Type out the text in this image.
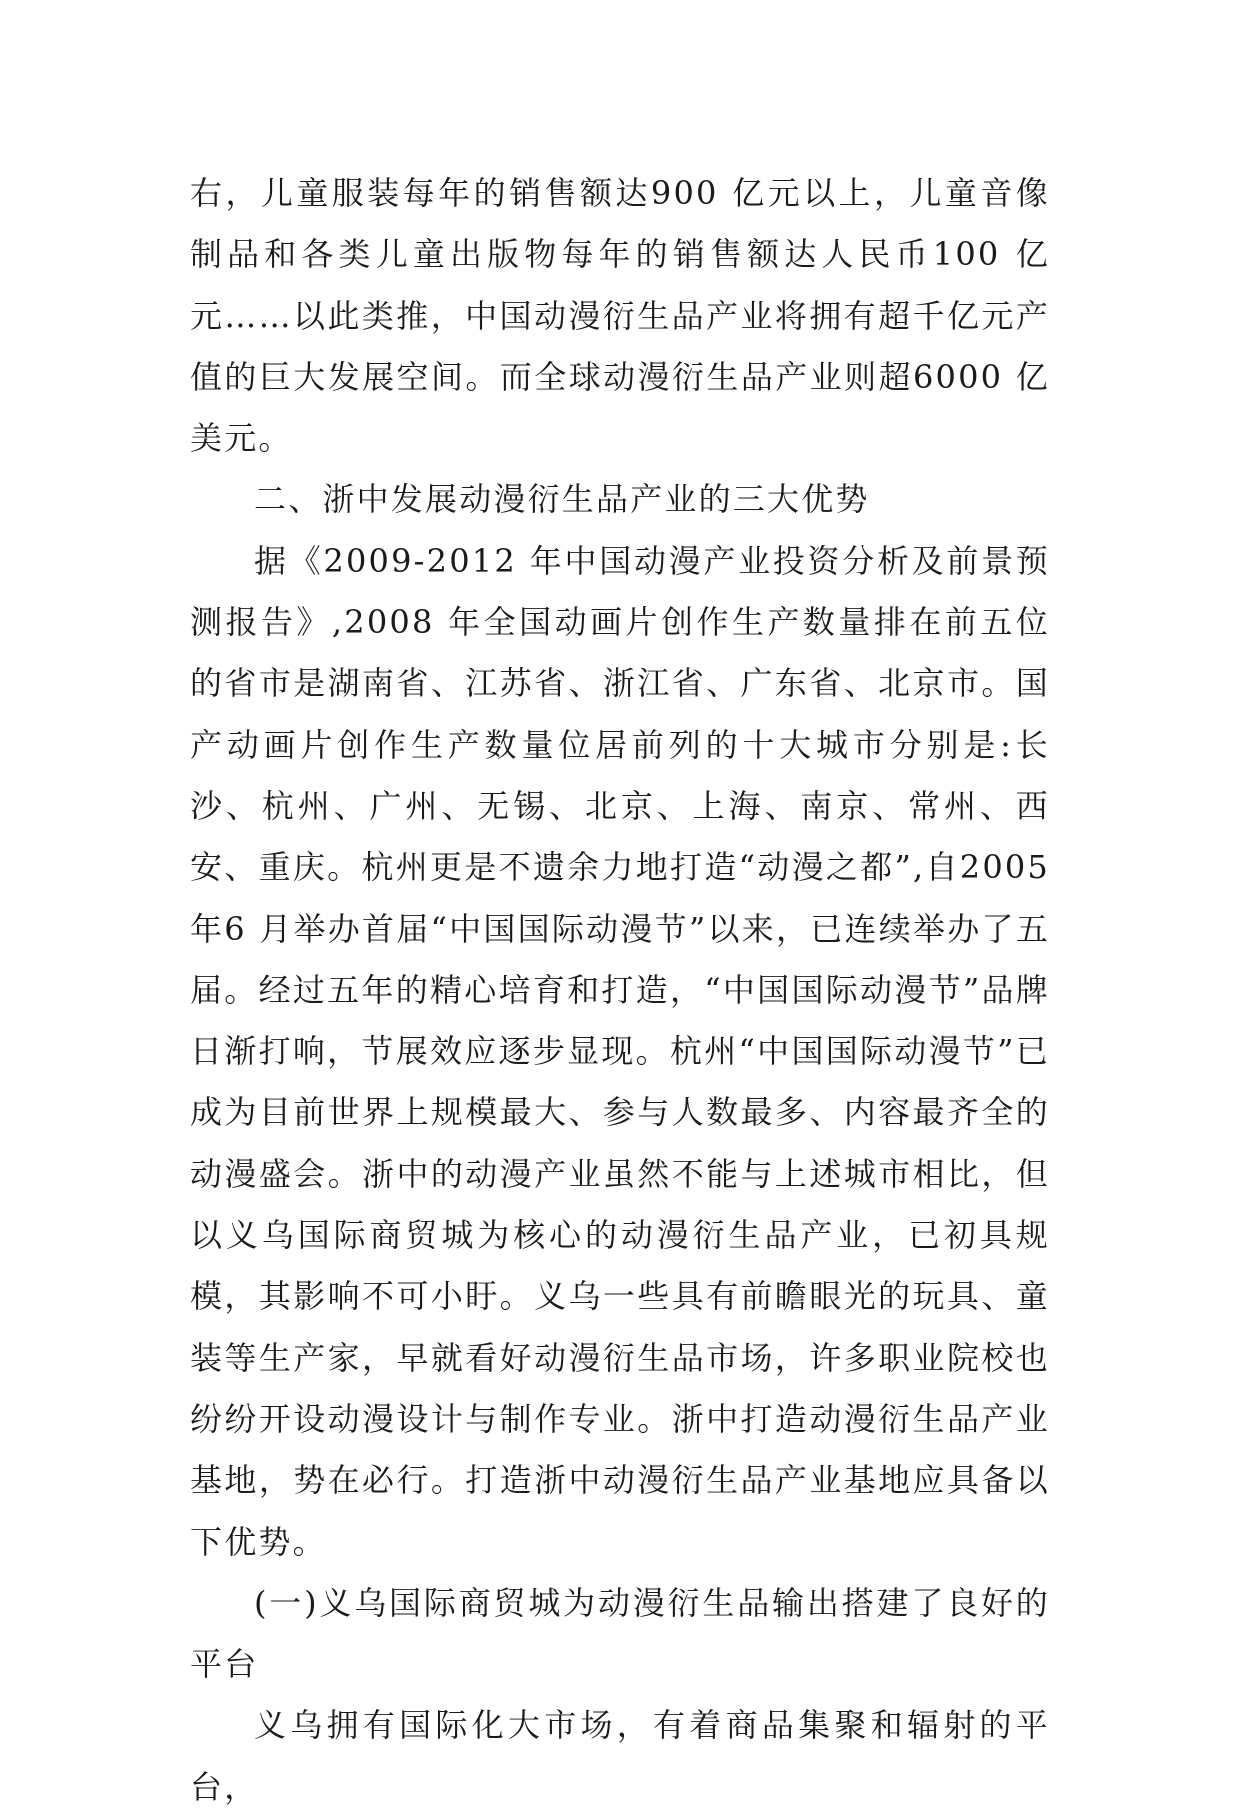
右，儿童服装每年的销售额达900 亿元以上，儿童音像制品和各类儿童出版物每年的销售额达人民币100 亿元……以此类推，中国动漫衍生品产业将拥有超千亿元产值的巨大发展空间。而全球动漫衍生品产业则超6000 亿美元。

二、浙中发展动漫衍生品产业的三大优势

据《2009-2012 年中国动漫产业投资分析及前景预测报告》,2008 年全国动画片创作生产数量排在前五位的省市是湖南省、江苏省、浙江省、广东省、北京市。国产动画片创作生产数量位居前列的十大城市分别是:长沙、杭州、广州、无锡、北京、上海、南京、常州、西安、重庆。杭州更是不遗余力地打造“动漫之都”,自2005 年6 月举办首届“中国国际动漫节”以来，已连续举办了五届。经过五年的精心培育和打造，“中国国际动漫节”品牌日渐打响，节展效应逐步显现。杭州“中国国际动漫节”已成为目前世界上规模最大、参与人数最多、内容最齐全的动漫盛会。浙中的动漫产业虽然不能与上述城市相比，但以义乌国际商贸城为核心的动漫衍生品产业，已初具规模，其影响不可小盱。义乌一些具有前瞻眼光的玩具、童装等生产家，早就看好动漫衍生品市场，许多职业院校也纷纷开设动漫设计与制作专业。浙中打造动漫衍生品产业基地，势在必行。打造浙中动漫衍生品产业基地应具备以下优势。

(一)义乌国际商贸城为动漫衍生品输出搭建了良好的平台

义乌拥有国际化大市场，有着商品集聚和辐射的平台，
